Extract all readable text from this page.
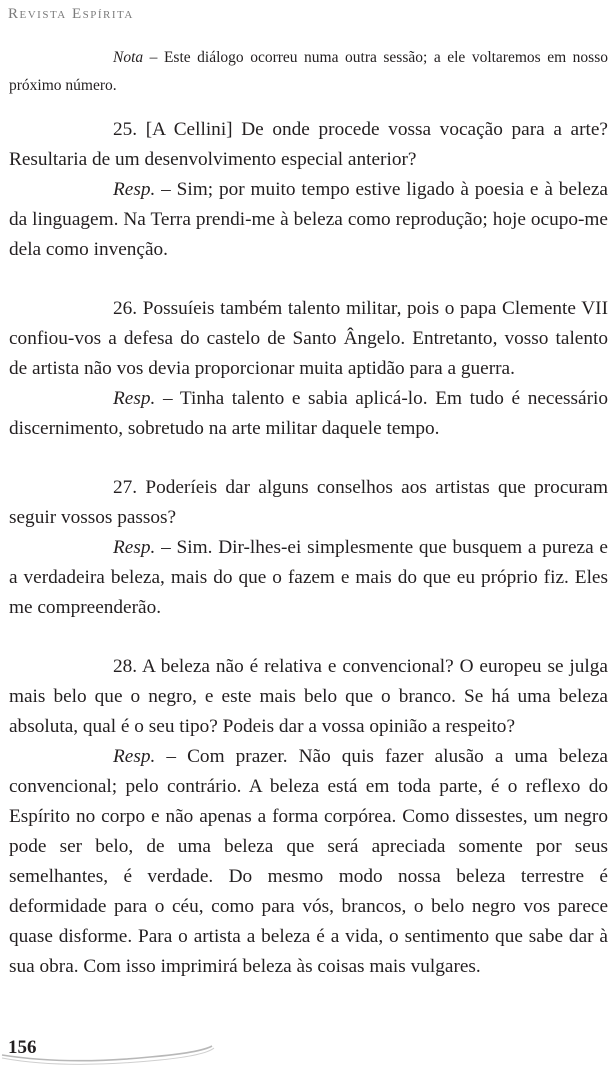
Revista Espírita
Nota – Este diálogo ocorreu numa outra sessão; a ele voltaremos em nosso próximo número.

25. [A Cellini] De onde procede vossa vocação para a arte? Resultaria de um desenvolvimento especial anterior?

Resp. – Sim; por muito tempo estive ligado à poesia e à beleza da linguagem. Na Terra prendi-me à beleza como reprodução; hoje ocupo-me dela como invenção.

26. Possuíeis também talento militar, pois o papa Clemente VII confiou-vos a defesa do castelo de Santo Ângelo. Entretanto, vosso talento de artista não vos devia proporcionar muita aptidão para a guerra.

Resp. – Tinha talento e sabia aplicá-lo. Em tudo é necessário discernimento, sobretudo na arte militar daquele tempo.

27. Poderíeis dar alguns conselhos aos artistas que procuram seguir vossos passos?

Resp. – Sim. Dir-lhes-ei simplesmente que busquem a pureza e a verdadeira beleza, mais do que o fazem e mais do que eu próprio fiz. Eles me compreenderão.

28. A beleza não é relativa e convencional? O europeu se julga mais belo que o negro, e este mais belo que o branco. Se há uma beleza absoluta, qual é o seu tipo? Podeis dar a vossa opinião a respeito?

Resp. – Com prazer. Não quis fazer alusão a uma beleza convencional; pelo contrário. A beleza está em toda parte, é o reflexo do Espírito no corpo e não apenas a forma corpórea. Como dissestes, um negro pode ser belo, de uma beleza que será apreciada somente por seus semelhantes, é verdade. Do mesmo modo nossa beleza terrestre é deformidade para o céu, como para vós, brancos, o belo negro vos parece quase disforme. Para o artista a beleza é a vida, o sentimento que sabe dar à sua obra. Com isso imprimirá beleza às coisas mais vulgares.

156
